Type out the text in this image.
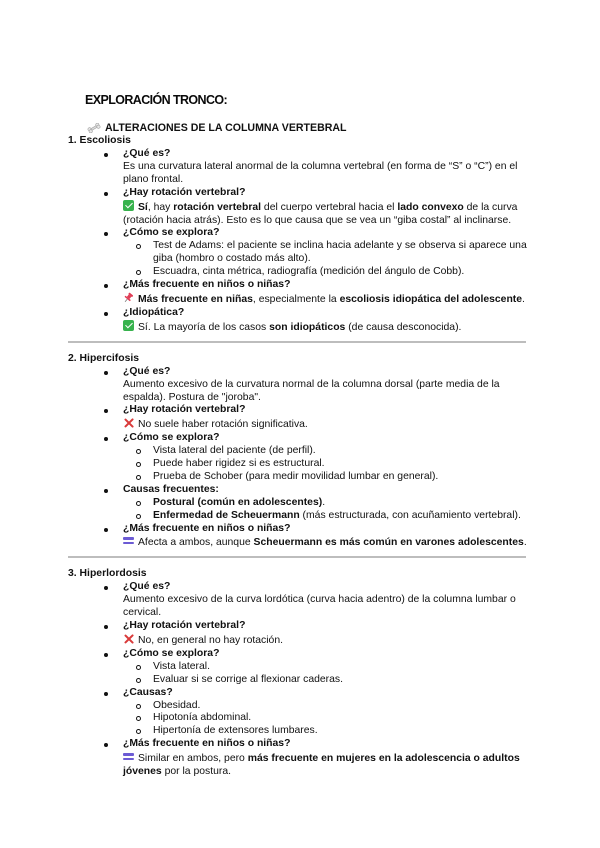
EXPLORACIÓN TRONCO:
ALTERACIONES DE LA COLUMNA VERTEBRAL
1. Escoliosis
¿Qué es?
Es una curvatura lateral anormal de la columna vertebral (en forma de “S” o “C”) en el plano frontal.
¿Hay rotación vertebral?
Sí, hay rotación vertebral del cuerpo vertebral hacia el lado convexo de la curva (rotación hacia atrás). Esto es lo que causa que se vea un “giba costal” al inclinarse.
¿Cómo se explora?
Test de Adams: el paciente se inclina hacia adelante y se observa si aparece una giba (hombro o costado más alto).
Escuadra, cinta métrica, radiografía (medición del ángulo de Cobb).
¿Más frecuente en niños o niñas?
Más frecuente en niñas, especialmente la escoliosis idiopática del adolescente.
¿Idiopática?
Sí. La mayoría de los casos son idiopáticos (de causa desconocida).
2. Hipercifosis
¿Qué es?
Aumento excesivo de la curvatura normal de la columna dorsal (parte media de la espalda). Postura de "joroba".
¿Hay rotación vertebral?
No suele haber rotación significativa.
¿Cómo se explora?
Vista lateral del paciente (de perfil).
Puede haber rigidez si es estructural.
Prueba de Schober (para medir movilidad lumbar en general).
Causas frecuentes:
Postural (común en adolescentes).
Enfermedad de Scheuermann (más estructurada, con acuñamiento vertebral).
¿Más frecuente en niños o niñas?
Afecta a ambos, aunque Scheuermann es más común en varones adolescentes.
3. Hiperlordosis
¿Qué es?
Aumento excesivo de la curva lordótica (curva hacia adentro) de la columna lumbar o cervical.
¿Hay rotación vertebral?
No, en general no hay rotación.
¿Cómo se explora?
Vista lateral.
Evaluar si se corrige al flexionar caderas.
¿Causas?
Obesidad.
Hipotonía abdominal.
Hipertonía de extensores lumbares.
¿Más frecuente en niños o niñas?
Similar en ambos, pero más frecuente en mujeres en la adolescencia o adultos jóvenes por la postura.
